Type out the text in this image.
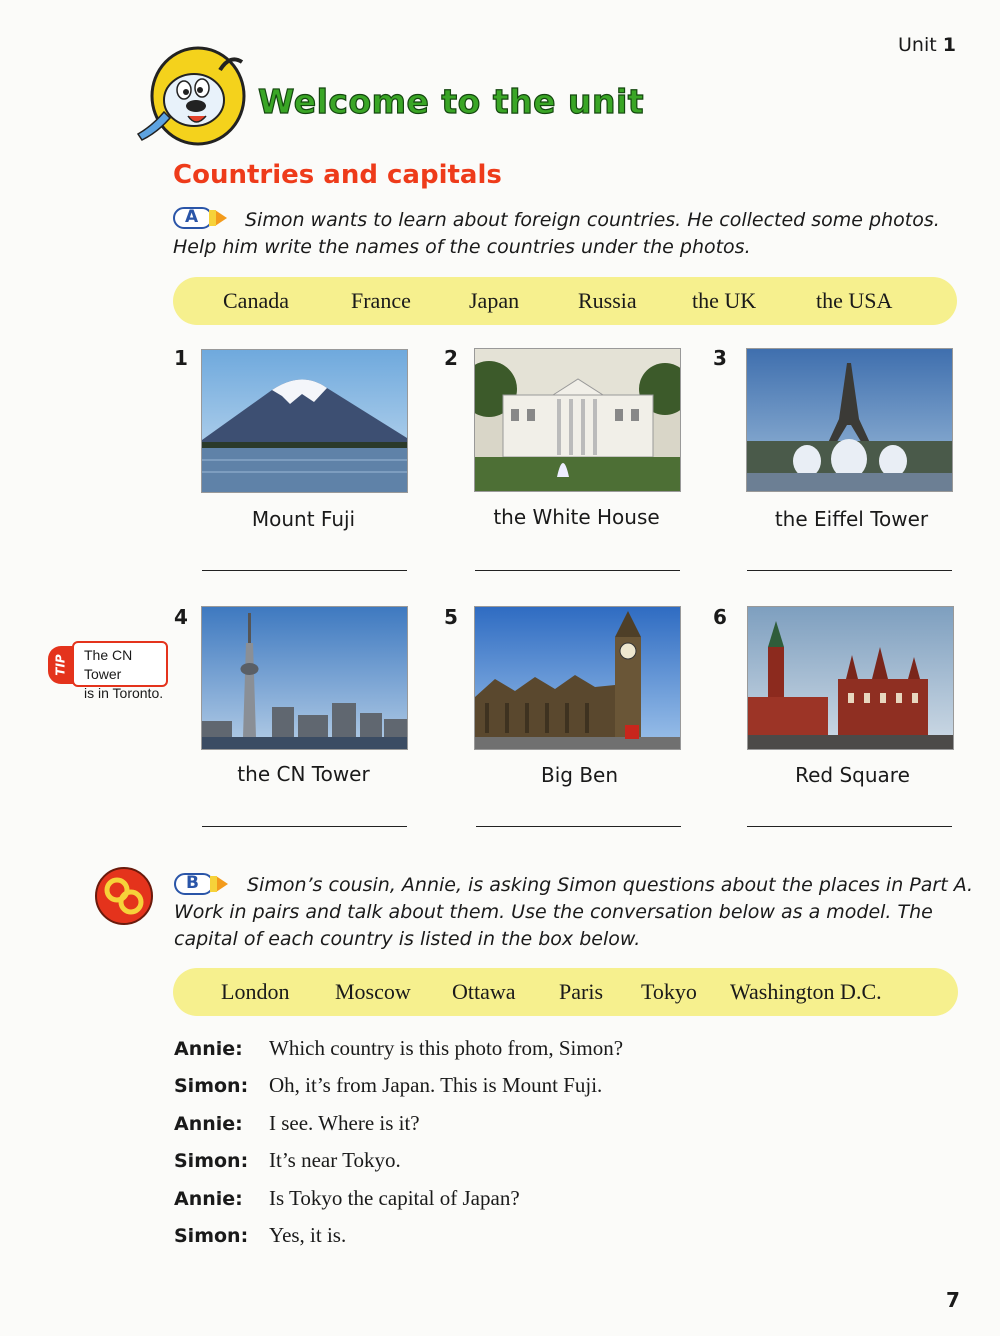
Unit 1
Welcome to the unit
Countries and capitals
A Simon wants to learn about foreign countries. He collected some photos.
Help him write the names of the countries under the photos.
Canada	France	Japan	Russia	the UK	the USA
1
Mount Fuji
2
the White House
3
the Eiffel Tower
TIP The CN Tower
is in Toronto.
4
the CN Tower
5
Big Ben
6
Red Square
B	Simon’s cousin, Annie, is asking Simon questions about the places in Part A.
Work in pairs and talk about them. Use the conversation below as a model. The
capital of each country is listed in the box below.
London Moscow Ottawa Paris Tokyo Washington D.C.
Annie: Which country is this photo from, Simon?
Simon: Oh, it’s from Japan. This is Mount Fuji.
Annie: I see. Where is it?
Simon: It’s near Tokyo.
Annie: Is Tokyo the capital of Japan?
Simon: Yes, it is.
7
